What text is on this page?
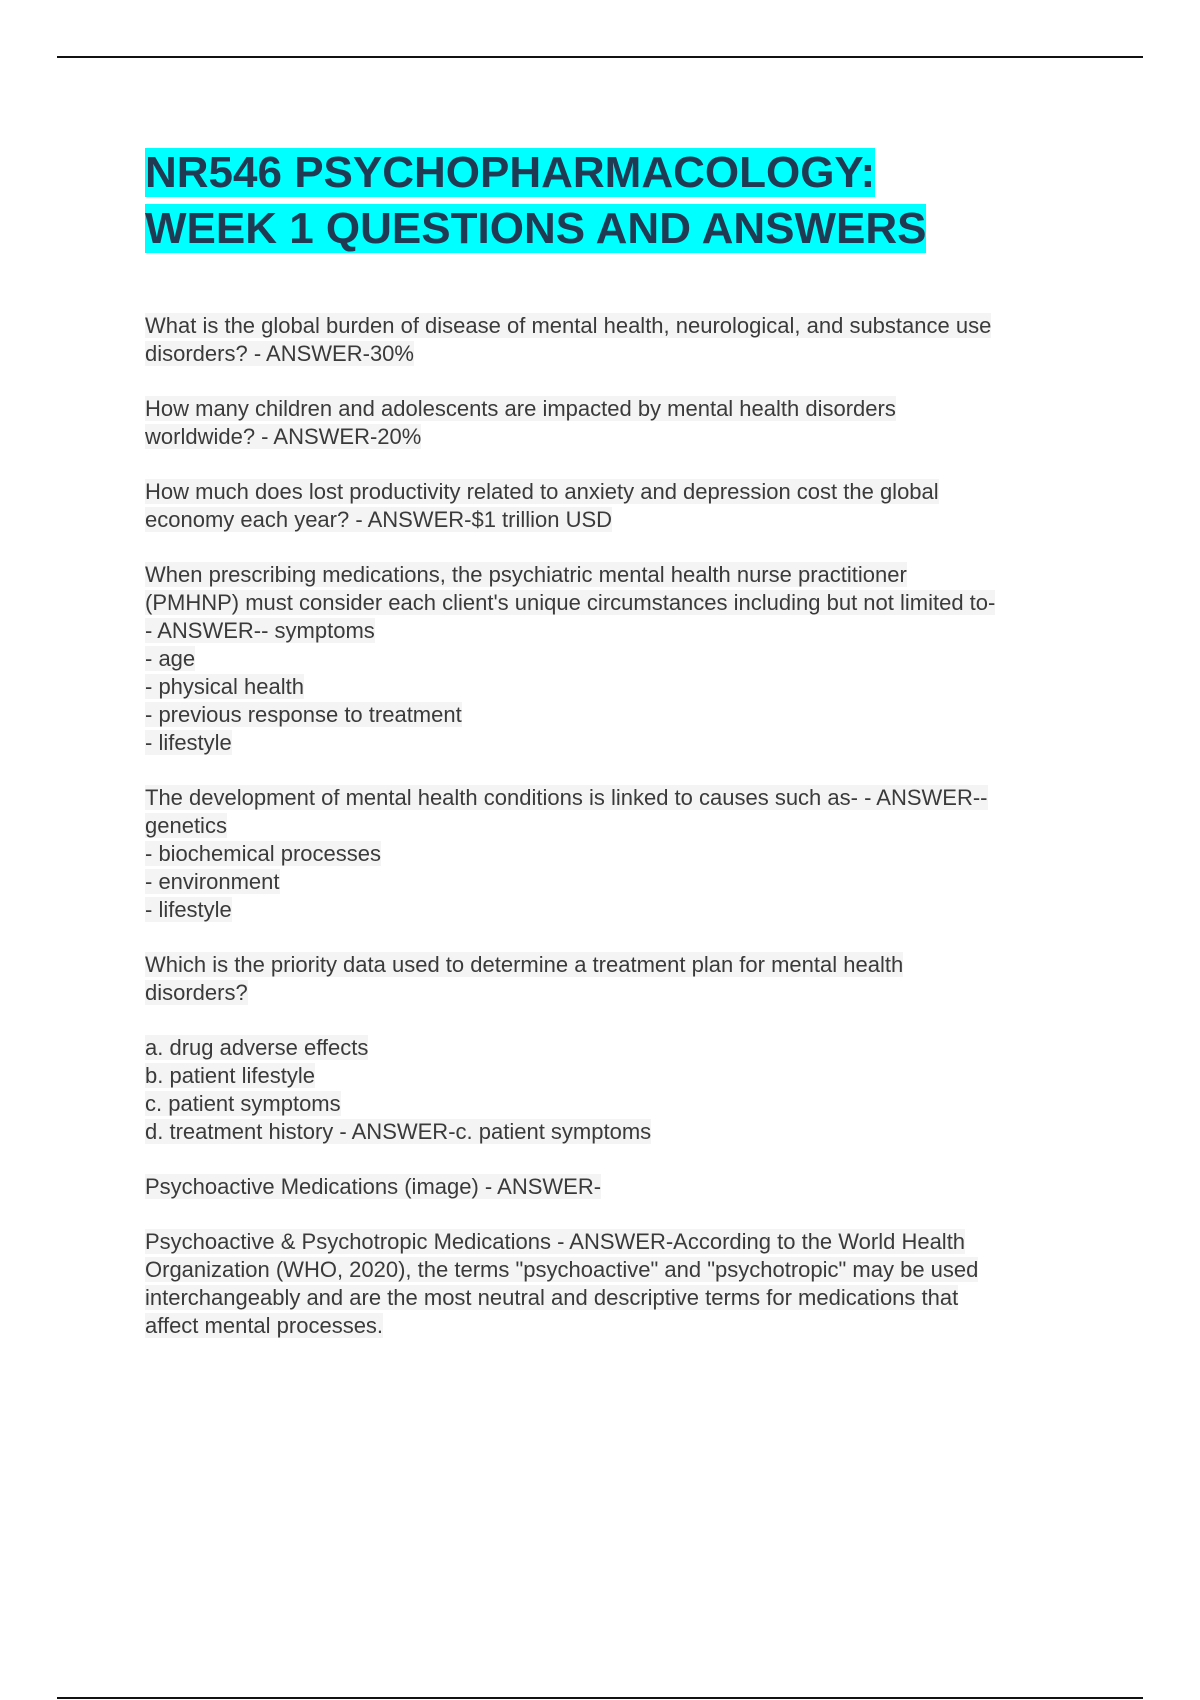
NR546 PSYCHOPHARMACOLOGY:
WEEK 1 QUESTIONS AND ANSWERS
What is the global burden of disease of mental health, neurological, and substance use
disorders? - ANSWER-30%
How many children and adolescents are impacted by mental health disorders
worldwide? - ANSWER-20%
How much does lost productivity related to anxiety and depression cost the global
economy each year? - ANSWER-$1 trillion USD
When prescribing medications, the psychiatric mental health nurse practitioner
(PMHNP) must consider each client's unique circumstances including but not limited to-
- ANSWER-- symptoms
- age
- physical health
- previous response to treatment
- lifestyle
The development of mental health conditions is linked to causes such as- - ANSWER--
genetics
- biochemical processes
- environment
- lifestyle
Which is the priority data used to determine a treatment plan for mental health
disorders?
a. drug adverse effects
b. patient lifestyle
c. patient symptoms
d. treatment history - ANSWER-c. patient symptoms
Psychoactive Medications (image) - ANSWER-
Psychoactive & Psychotropic Medications - ANSWER-According to the World Health
Organization (WHO, 2020), the terms "psychoactive" and "psychotropic" may be used
interchangeably and are the most neutral and descriptive terms for medications that
affect mental processes.
